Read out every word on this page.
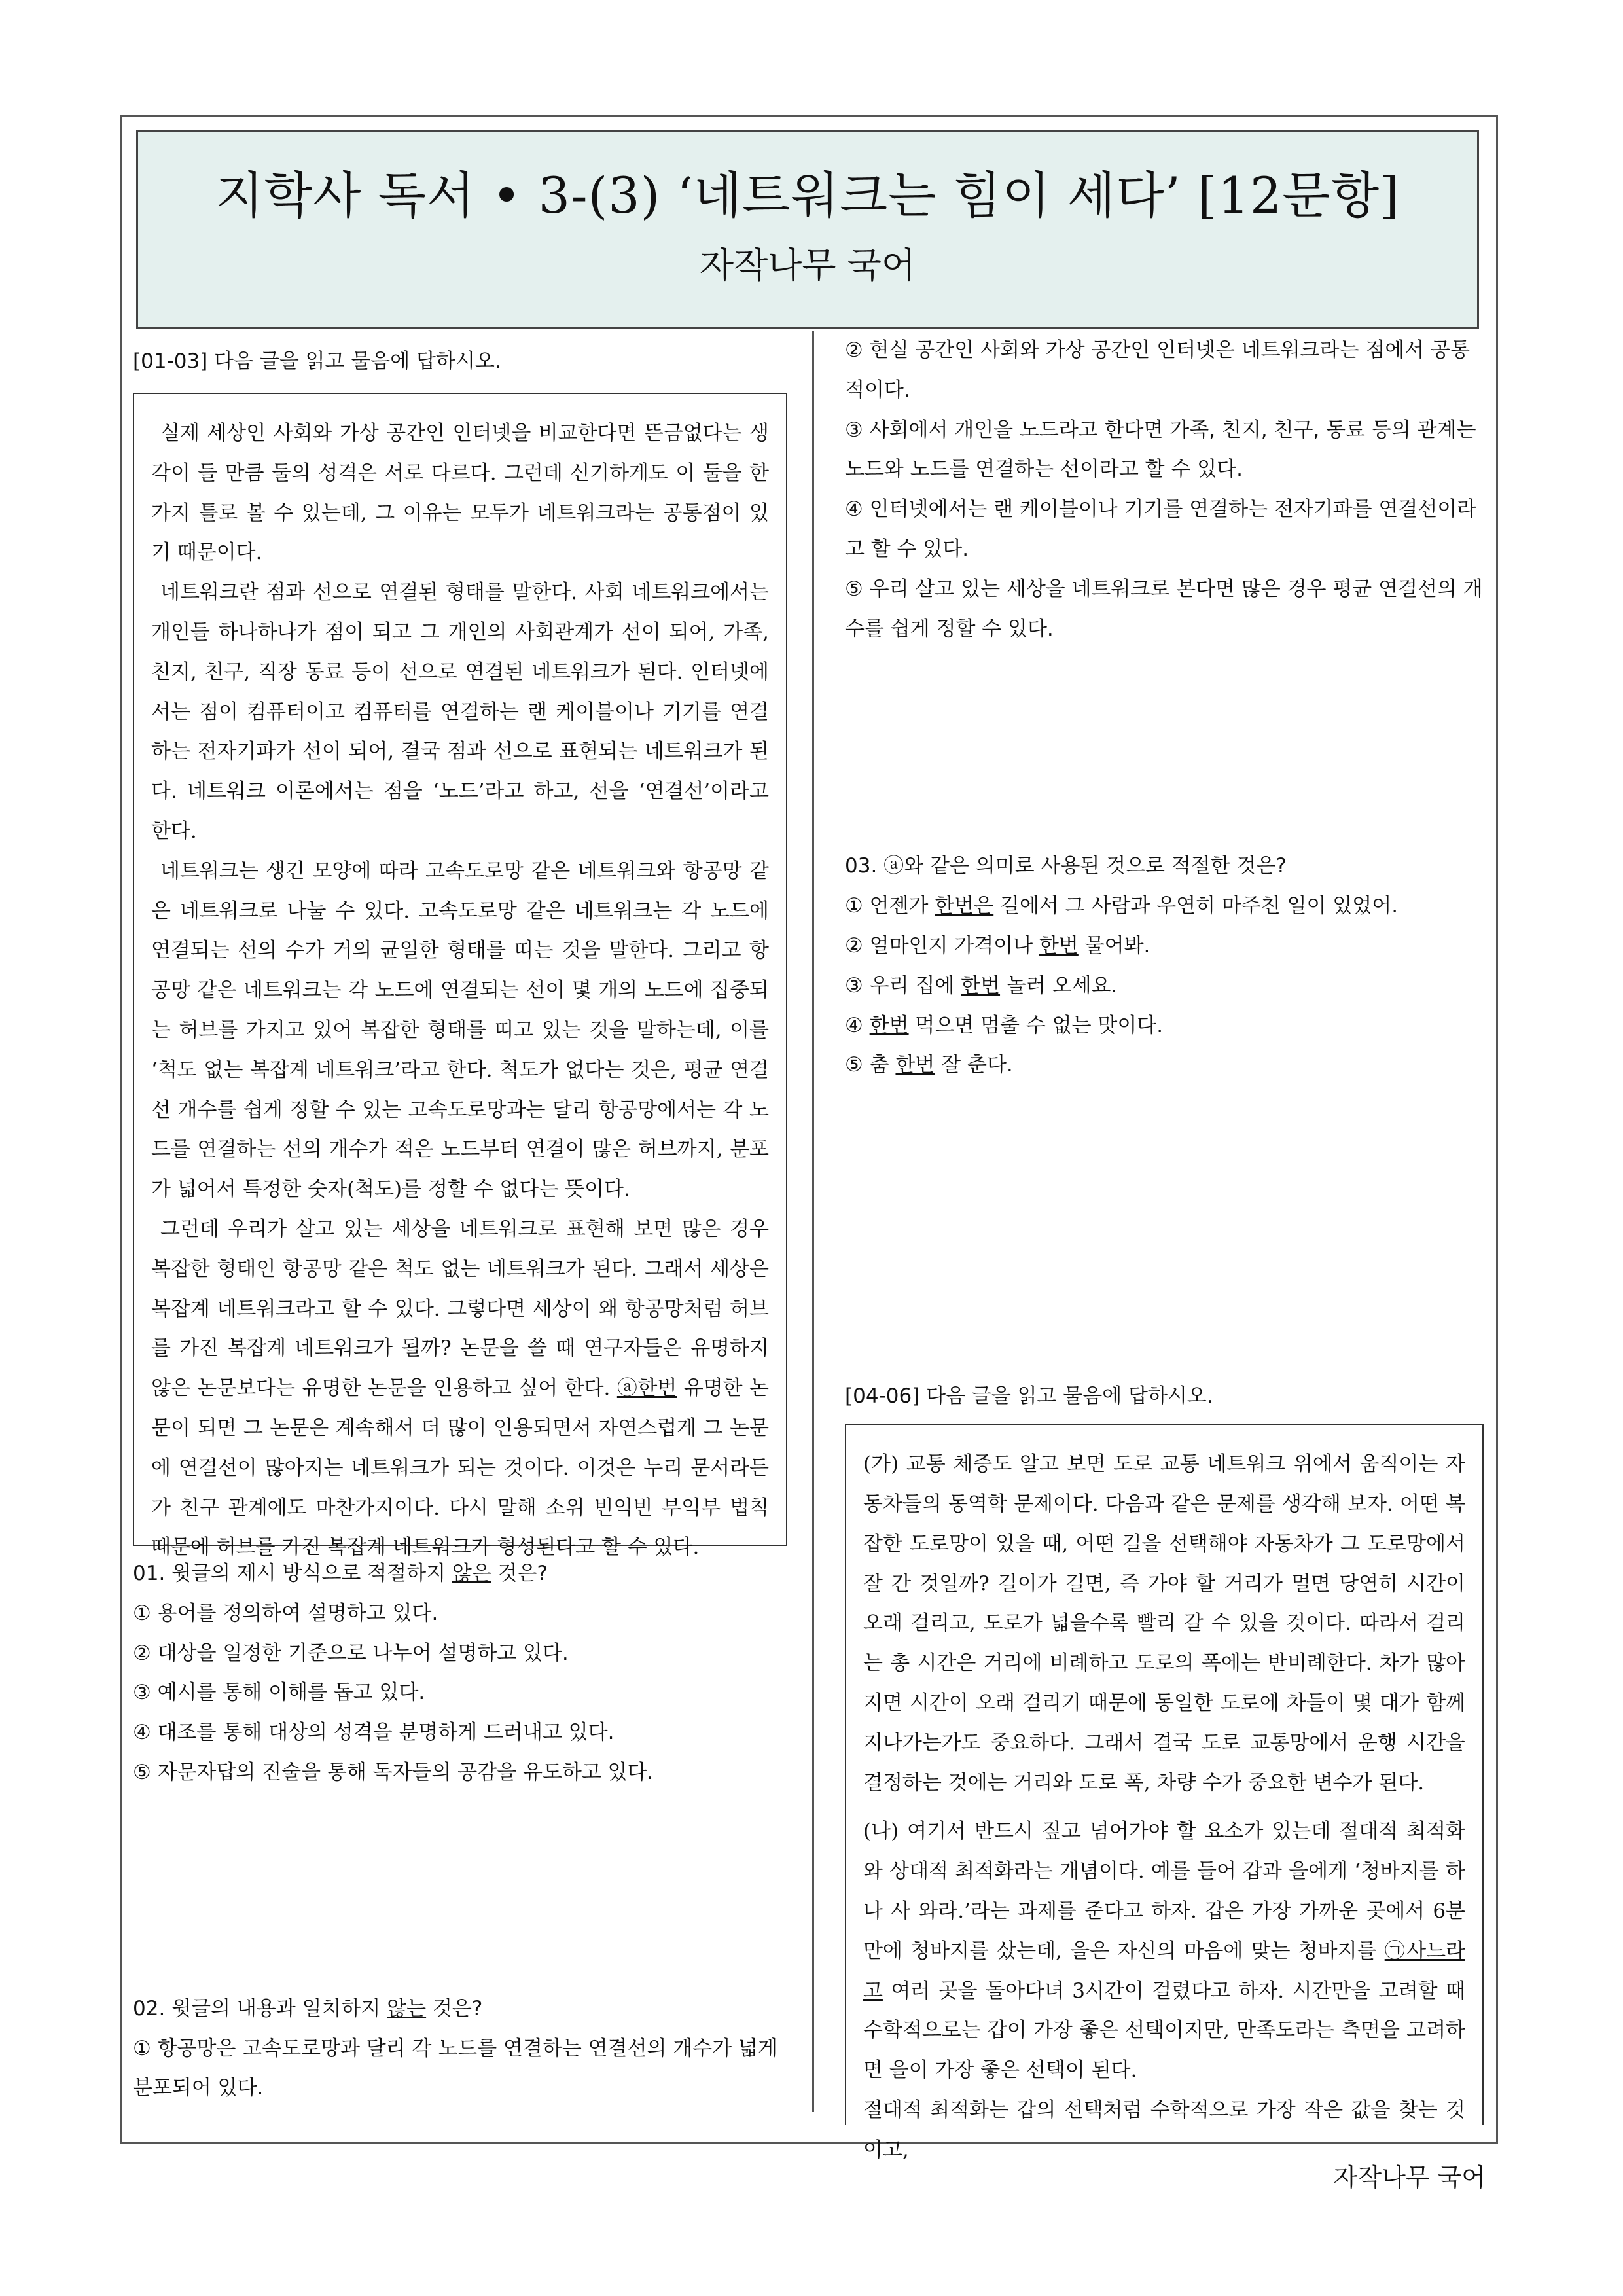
지학사 독서 • 3-(3) ‘네트워크는 힘이 세다’ [12문항]
자작나무 국어
[01-03] 다음 글을 읽고 물음에 답하시오.

실제 세상인 사회와 가상 공간인 인터넷을 비교한다면 뜬금없다는 생각이 들 만큼 둘의 성격은 서로 다르다. 그런데 신기하게도 이 둘을 한 가지 틀로 볼 수 있는데, 그 이유는 모두가 네트워크라는 공통점이 있기 때문이다.

네트워크란 점과 선으로 연결된 형태를 말한다. 사회 네트워크에서는 개인들 하나하나가 점이 되고 그 개인의 사회관계가 선이 되어, 가족, 친지, 친구, 직장 동료 등이 선으로 연결된 네트워크가 된다. 인터넷에서는 점이 컴퓨터이고 컴퓨터를 연결하는 랜 케이블이나 기기를 연결하는 전자기파가 선이 되어, 결국 점과 선으로 표현되는 네트워크가 된다. 네트워크 이론에서는 점을 ‘노드’라고 하고, 선을 ‘연결선’이라고 한다.

네트워크는 생긴 모양에 따라 고속도로망 같은 네트워크와 항공망 같은 네트워크로 나눌 수 있다. 고속도로망 같은 네트워크는 각 노드에 연결되는 선의 수가 거의 균일한 형태를 띠는 것을 말한다. 그리고 항공망 같은 네트워크는 각 노드에 연결되는 선이 몇 개의 노드에 집중되는 허브를 가지고 있어 복잡한 형태를 띠고 있는 것을 말하는데, 이를 ‘척도 없는 복잡계 네트워크’라고 한다. 척도가 없다는 것은, 평균 연결선 개수를 쉽게 정할 수 있는 고속도로망과는 달리 항공망에서는 각 노드를 연결하는 선의 개수가 적은 노드부터 연결이 많은 허브까지, 분포가 넓어서 특정한 숫자(척도)를 정할 수 없다는 뜻이다.

그런데 우리가 살고 있는 세상을 네트워크로 표현해 보면 많은 경우 복잡한 형태인 항공망 같은 척도 없는 네트워크가 된다. 그래서 세상은 복잡계 네트워크라고 할 수 있다. 그렇다면 세상이 왜 항공망처럼 허브를 가진 복잡계 네트워크가 될까? 논문을 쓸 때 연구자들은 유명하지 않은 논문보다는 유명한 논문을 인용하고 싶어 한다. ⓐ한번 유명한 논문이 되면 그 논문은 계속해서 더 많이 인용되면서 자연스럽게 그 논문에 연결선이 많아지는 네트워크가 되는 것이다. 이것은 누리 문서라든가 친구 관계에도 마찬가지이다. 다시 말해 소위 빈익빈 부익부 법칙 때문에 허브를 가진 복잡계 네트워크가 형성된다고 할 수 있다.

01. 윗글의 제시 방식으로 적절하지 않은 것은?
① 용어를 정의하여 설명하고 있다.
② 대상을 일정한 기준으로 나누어 설명하고 있다.
③ 예시를 통해 이해를 돕고 있다.
④ 대조를 통해 대상의 성격을 분명하게 드러내고 있다.
⑤ 자문자답의 진술을 통해 독자들의 공감을 유도하고 있다.
02. 윗글의 내용과 일치하지 않는 것은?
① 항공망은 고속도로망과 달리 각 노드를 연결하는 연결선의 개수가 넓게 분포되어 있다.
② 현실 공간인 사회와 가상 공간인 인터넷은 네트워크라는 점에서 공통적이다.
③ 사회에서 개인을 노드라고 한다면 가족, 친지, 친구, 동료 등의 관계는 노드와 노드를 연결하는 선이라고 할 수 있다.
④ 인터넷에서는 랜 케이블이나 기기를 연결하는 전자기파를 연결선이라고 할 수 있다.
⑤ 우리 살고 있는 세상을 네트워크로 본다면 많은 경우 평균 연결선의 개수를 쉽게 정할 수 있다.
03. ⓐ와 같은 의미로 사용된 것으로 적절한 것은?
① 언젠가 한번은 길에서 그 사람과 우연히 마주친 일이 있었어.
② 얼마인지 가격이나 한번 물어봐.
③ 우리 집에 한번 놀러 오세요.
④ 한번 먹으면 멈출 수 없는 맛이다.
⑤ 춤 한번 잘 춘다.
[04-06] 다음 글을 읽고 물음에 답하시오.

(가) 교통 체증도 알고 보면 도로 교통 네트워크 위에서 움직이는 자동차들의 동역학 문제이다. 다음과 같은 문제를 생각해 보자. 어떤 복잡한 도로망이 있을 때, 어떤 길을 선택해야 자동차가 그 도로망에서 잘 간 것일까? 길이가 길면, 즉 가야 할 거리가 멀면 당연히 시간이 오래 걸리고, 도로가 넓을수록 빨리 갈 수 있을 것이다. 따라서 걸리는 총 시간은 거리에 비례하고 도로의 폭에는 반비례한다. 차가 많아지면 시간이 오래 걸리기 때문에 동일한 도로에 차들이 몇 대가 함께 지나가는가도 중요하다. 그래서 결국 도로 교통망에서 운행 시간을 결정하는 것에는 거리와 도로 폭, 차량 수가 중요한 변수가 된다.

(나) 여기서 반드시 짚고 넘어가야 할 요소가 있는데 절대적 최적화와 상대적 최적화라는 개념이다. 예를 들어 갑과 을에게 ‘청바지를 하나 사 와라.’라는 과제를 준다고 하자. 갑은 가장 가까운 곳에서 6분 만에 청바지를 샀는데, 을은 자신의 마음에 맞는 청바지를 ㉠사느라고 여러 곳을 돌아다녀 3시간이 걸렸다고 하자. 시간만을 고려할 때 수학적으로는 갑이 가장 좋은 선택이지만, 만족도라는 측면을 고려하면 을이 가장 좋은 선택이 된다.

절대적 최적화는 갑의 선택처럼 수학적으로 가장 작은 값을 찾는 것이고,

자작나무 국어
